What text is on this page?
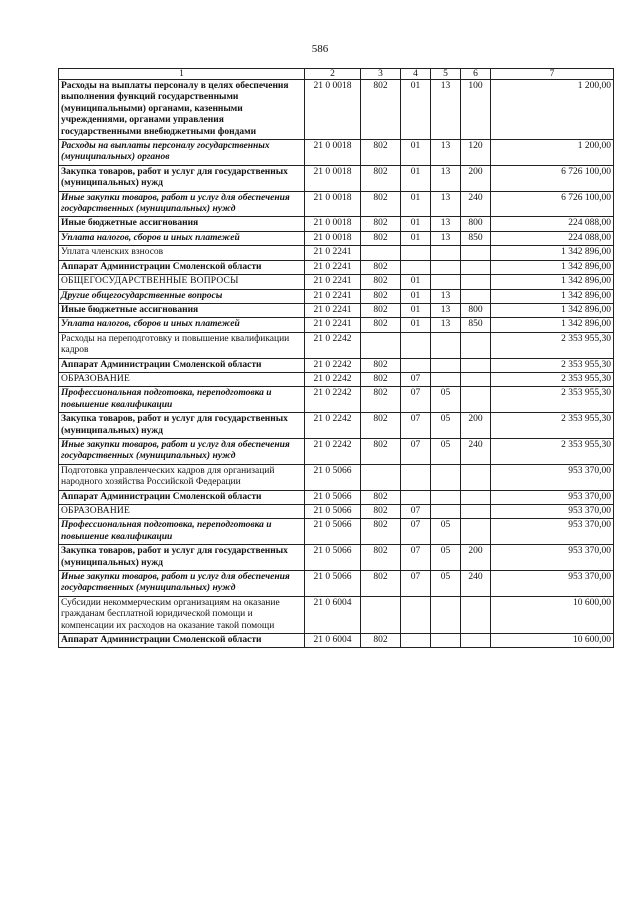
586
1	2	3	4	5	6	7
Расходы на выплаты персоналу в целях обеспечения выполнения функций государственными (муниципальными) органами, казенными учреждениями, органами управления государственными внебюджетными фондами	21 0 0018	802	01	13	100	1 200,00
Расходы на выплаты персоналу государственных (муниципальных) органов	21 0 0018	802	01	13	120	1 200,00
Закупка товаров, работ и услуг для государственных (муниципальных) нужд	21 0 0018	802	01	13	200	6 726 100,00
Иные закупки товаров, работ и услуг для обеспечения государственных (муниципальных) нужд	21 0 0018	802	01	13	240	6 726 100,00
Иные бюджетные ассигнования	21 0 0018	802	01	13	800	224 088,00
Уплата налогов, сборов и иных платежей	21 0 0018	802	01	13	850	224 088,00
Уплата членских взносов	21 0 2241					1 342 896,00
Аппарат Администрации Смоленской области	21 0 2241	802				1 342 896,00
ОБЩЕГОСУДАРСТВЕННЫЕ ВОПРОСЫ	21 0 2241	802	01			1 342 896,00
Другие общегосударственные вопросы	21 0 2241	802	01	13		1 342 896,00
Иные бюджетные ассигнования	21 0 2241	802	01	13	800	1 342 896,00
Уплата налогов, сборов и иных платежей	21 0 2241	802	01	13	850	1 342 896,00
Расходы на переподготовку и повышение квалификации кадров	21 0 2242					2 353 955,30
Аппарат Администрации Смоленской области	21 0 2242	802				2 353 955,30
ОБРАЗОВАНИЕ	21 0 2242	802	07			2 353 955,30
Профессиональная подготовка, переподготовка и повышение квалификации	21 0 2242	802	07	05		2 353 955,30
Закупка товаров, работ и услуг для государственных (муниципальных) нужд	21 0 2242	802	07	05	200	2 353 955,30
Иные закупки товаров, работ и услуг для обеспечения государственных (муниципальных) нужд	21 0 2242	802	07	05	240	2 353 955,30
Подготовка управленческих кадров для организаций народного хозяйства Российской Федерации	21 0 5066					953 370,00
Аппарат Администрации Смоленской области	21 0 5066	802				953 370,00
ОБРАЗОВАНИЕ	21 0 5066	802	07			953 370,00
Профессиональная подготовка, переподготовка и повышение квалификации	21 0 5066	802	07	05		953 370,00
Закупка товаров, работ и услуг для государственных (муниципальных) нужд	21 0 5066	802	07	05	200	953 370,00
Иные закупки товаров, работ и услуг для обеспечения государственных (муниципальных) нужд	21 0 5066	802	07	05	240	953 370,00
Субсидии некоммерческим организациям на оказание гражданам бесплатной юридической помощи и компенсации их расходов на оказание такой помощи	21 0 6004					10 600,00
Аппарат Администрации Смоленской области	21 0 6004	802				10 600,00
